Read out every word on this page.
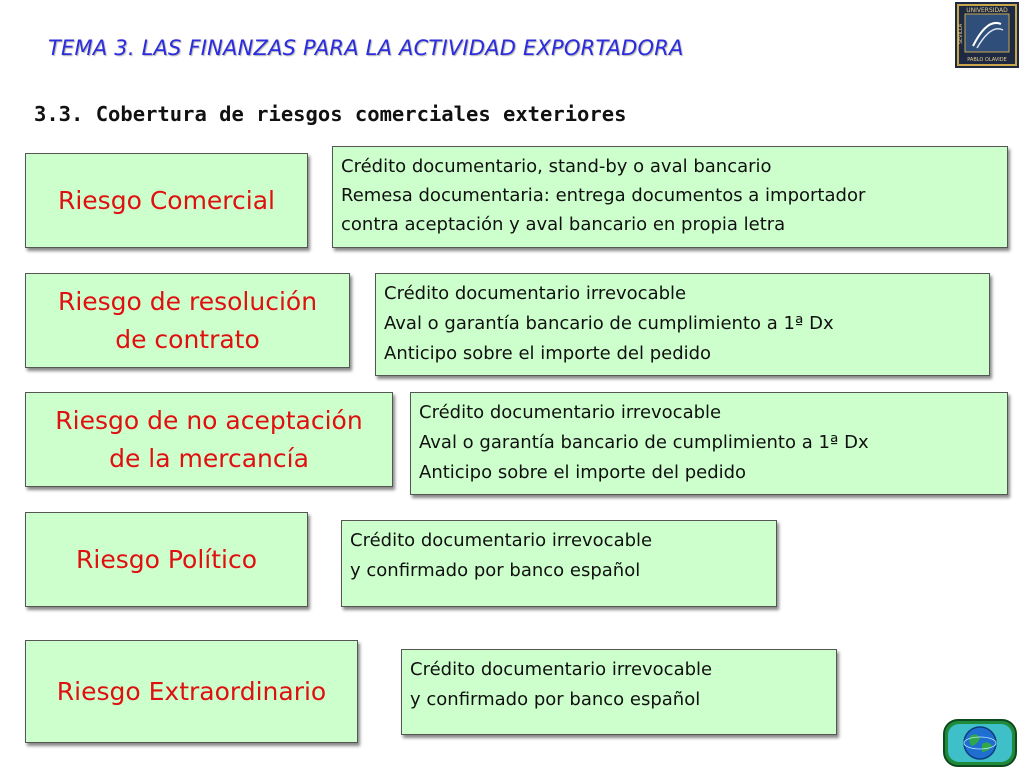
TEMA 3. LAS FINANZAS PARA LA ACTIVIDAD EXPORTADORA
UNIVERSIDAD
SEVILLA
PABLO OLAVIDE
3.3. Cobertura de riesgos comerciales exteriores
Riesgo Comercial
Crédito documentario, stand-by o aval bancario
Remesa documentaria: entrega documentos a importador
contra aceptación y aval bancario en propia letra
Riesgo de resolución
de contrato
Crédito documentario irrevocable
Aval o garantía bancario de cumplimiento a 1ª Dx
Anticipo sobre el importe del pedido
Riesgo de no aceptación
de la mercancía
Crédito documentario irrevocable
Aval o garantía bancario de cumplimiento a 1ª Dx
Anticipo sobre el importe del pedido
Riesgo Político
Crédito documentario irrevocable
y confirmado por banco español
Riesgo Extraordinario
Crédito documentario irrevocable
y confirmado por banco español
